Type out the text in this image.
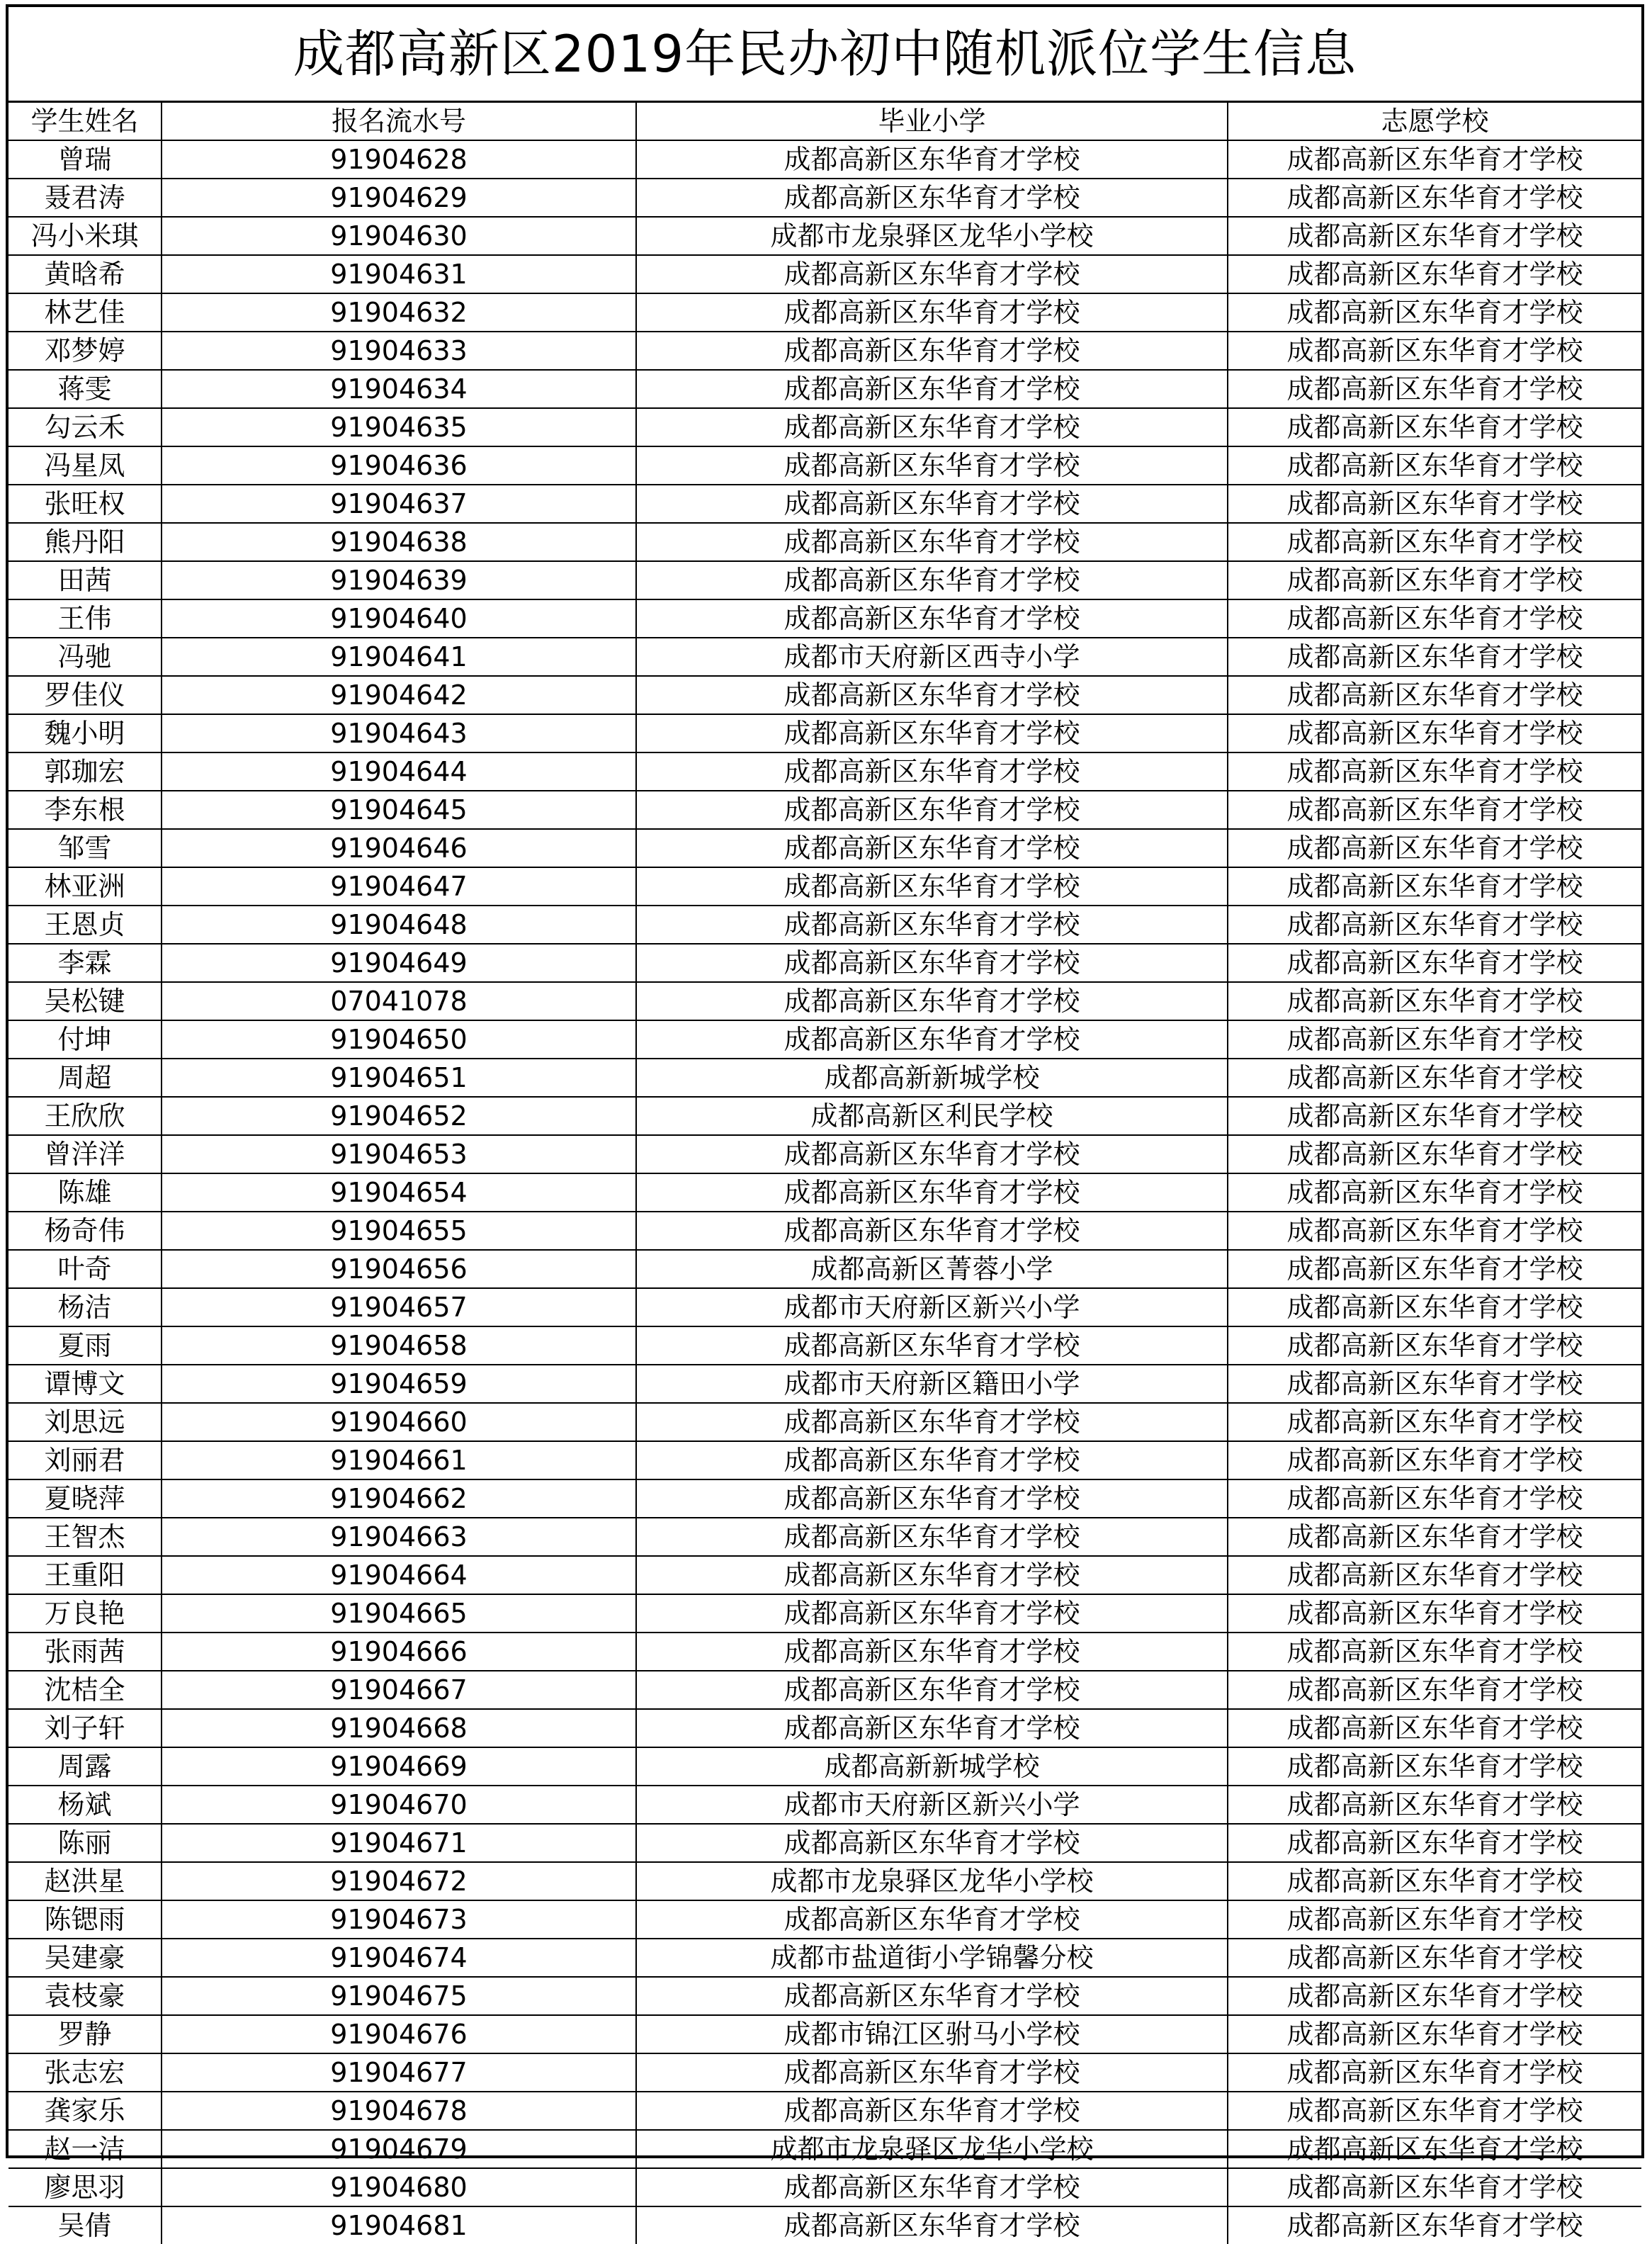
成都高新区2019年民办初中随机派位学生信息
学生姓名	报名流水号	毕业小学	志愿学校
曾瑞	91904628	成都高新区东华育才学校	成都高新区东华育才学校
聂君涛	91904629	成都高新区东华育才学校	成都高新区东华育才学校
冯小米琪	91904630	成都市龙泉驿区龙华小学校	成都高新区东华育才学校
黄晗希	91904631	成都高新区东华育才学校	成都高新区东华育才学校
林艺佳	91904632	成都高新区东华育才学校	成都高新区东华育才学校
邓梦婷	91904633	成都高新区东华育才学校	成都高新区东华育才学校
蒋雯	91904634	成都高新区东华育才学校	成都高新区东华育才学校
勾云禾	91904635	成都高新区东华育才学校	成都高新区东华育才学校
冯星凤	91904636	成都高新区东华育才学校	成都高新区东华育才学校
张旺权	91904637	成都高新区东华育才学校	成都高新区东华育才学校
熊丹阳	91904638	成都高新区东华育才学校	成都高新区东华育才学校
田茜	91904639	成都高新区东华育才学校	成都高新区东华育才学校
王伟	91904640	成都高新区东华育才学校	成都高新区东华育才学校
冯驰	91904641	成都市天府新区西寺小学	成都高新区东华育才学校
罗佳仪	91904642	成都高新区东华育才学校	成都高新区东华育才学校
魏小明	91904643	成都高新区东华育才学校	成都高新区东华育才学校
郭珈宏	91904644	成都高新区东华育才学校	成都高新区东华育才学校
李东根	91904645	成都高新区东华育才学校	成都高新区东华育才学校
邹雪	91904646	成都高新区东华育才学校	成都高新区东华育才学校
林亚洲	91904647	成都高新区东华育才学校	成都高新区东华育才学校
王恩贞	91904648	成都高新区东华育才学校	成都高新区东华育才学校
李霖	91904649	成都高新区东华育才学校	成都高新区东华育才学校
吴松键	07041078	成都高新区东华育才学校	成都高新区东华育才学校
付坤	91904650	成都高新区东华育才学校	成都高新区东华育才学校
周超	91904651	成都高新新城学校	成都高新区东华育才学校
王欣欣	91904652	成都高新区利民学校	成都高新区东华育才学校
曾洋洋	91904653	成都高新区东华育才学校	成都高新区东华育才学校
陈雄	91904654	成都高新区东华育才学校	成都高新区东华育才学校
杨奇伟	91904655	成都高新区东华育才学校	成都高新区东华育才学校
叶奇	91904656	成都高新区菁蓉小学	成都高新区东华育才学校
杨洁	91904657	成都市天府新区新兴小学	成都高新区东华育才学校
夏雨	91904658	成都高新区东华育才学校	成都高新区东华育才学校
谭博文	91904659	成都市天府新区籍田小学	成都高新区东华育才学校
刘思远	91904660	成都高新区东华育才学校	成都高新区东华育才学校
刘丽君	91904661	成都高新区东华育才学校	成都高新区东华育才学校
夏晓萍	91904662	成都高新区东华育才学校	成都高新区东华育才学校
王智杰	91904663	成都高新区东华育才学校	成都高新区东华育才学校
王重阳	91904664	成都高新区东华育才学校	成都高新区东华育才学校
万良艳	91904665	成都高新区东华育才学校	成都高新区东华育才学校
张雨茜	91904666	成都高新区东华育才学校	成都高新区东华育才学校
沈桔全	91904667	成都高新区东华育才学校	成都高新区东华育才学校
刘子轩	91904668	成都高新区东华育才学校	成都高新区东华育才学校
周露	91904669	成都高新新城学校	成都高新区东华育才学校
杨斌	91904670	成都市天府新区新兴小学	成都高新区东华育才学校
陈丽	91904671	成都高新区东华育才学校	成都高新区东华育才学校
赵洪星	91904672	成都市龙泉驿区龙华小学校	成都高新区东华育才学校
陈锶雨	91904673	成都高新区东华育才学校	成都高新区东华育才学校
吴建豪	91904674	成都市盐道街小学锦馨分校	成都高新区东华育才学校
袁枝豪	91904675	成都高新区东华育才学校	成都高新区东华育才学校
罗静	91904676	成都市锦江区驸马小学校	成都高新区东华育才学校
张志宏	91904677	成都高新区东华育才学校	成都高新区东华育才学校
龚家乐	91904678	成都高新区东华育才学校	成都高新区东华育才学校
赵一洁	91904679	成都市龙泉驿区龙华小学校	成都高新区东华育才学校
廖思羽	91904680	成都高新区东华育才学校	成都高新区东华育才学校
吴倩	91904681	成都高新区东华育才学校	成都高新区东华育才学校
